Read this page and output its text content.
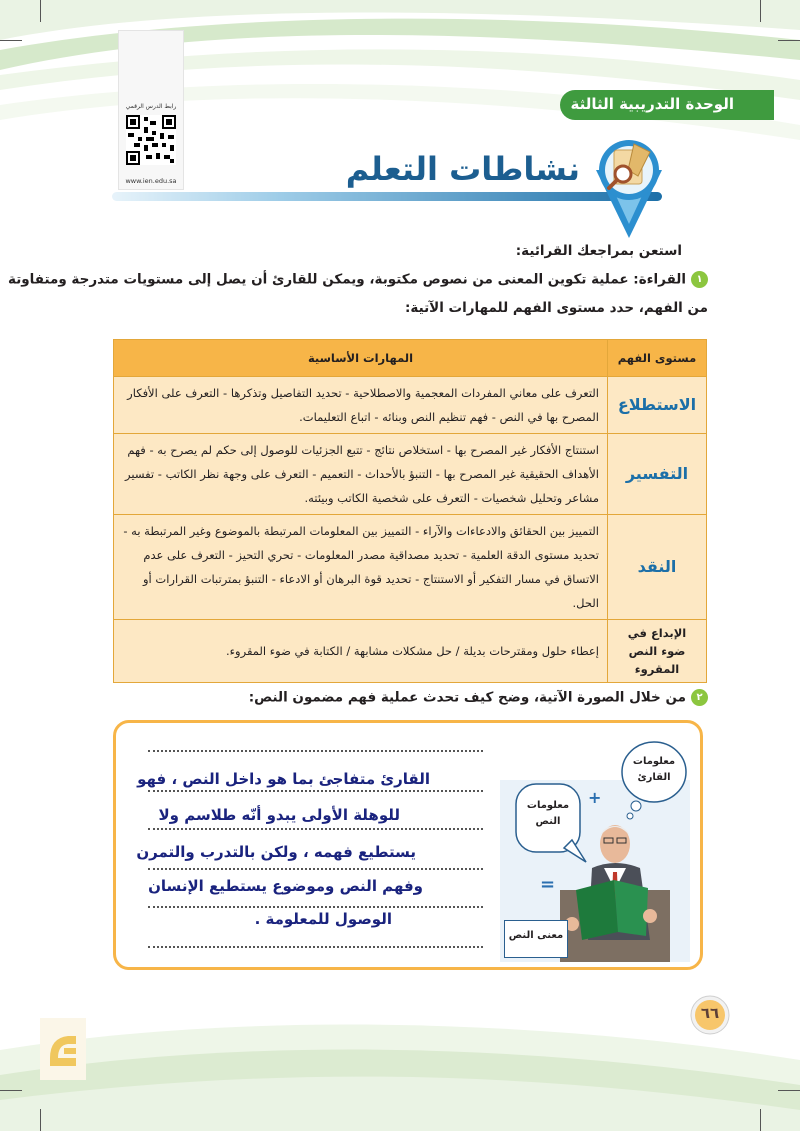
رابط الدرس الرقمي
www.ien.edu.sa
الوحدة التدريبية الثالثة
نشاطات التعلم
استعن بمراجعك القرائية:
١القراءة: عملية تكوين المعنى من نصوص مكتوبة، ويمكن للقارئ أن يصل إلى مستويات متدرجة ومتفاوتة
من الفهم، حدد مستوى الفهم للمهارات الآتية:
مستوى الفهم	المهارات الأساسية
الاستطلاع	التعرف على معاني المفردات المعجمية والاصطلاحية - تحديد التفاصيل وتذكرها - التعرف على الأفكار المصرح بها في النص - فهم تنظيم النص وبنائه - اتباع التعليمات.
التفسير	استنتاج الأفكار غير المصرح بها - استخلاص نتائج - تتبع الجزئيات للوصول إلى حكم لم يصرح به - فهم الأهداف الحقيقية غير المصرح بها - التنبؤ بالأحداث - التعميم - التعرف على وجهة نظر الكاتب - تفسير مشاعر وتحليل شخصيات - التعرف على شخصية الكاتب وبيئته.
النقد	التمييز بين الحقائق والادعاءات والآراء - التمييز بين المعلومات المرتبطة بالموضوع وغير المرتبطة به - تحديد مستوى الدقة العلمية - تحديد مصداقية مصدر المعلومات - تحري التحيز - التعرف على عدم الاتساق في مسار التفكير أو الاستنتاج - تحديد قوة البرهان أو الادعاء - التنبؤ بمترتبات القرارات أو الحل.
الإبداع في ضوء النص المقروء	إعطاء حلول ومقترحات بديلة / حل مشكلات مشابهة / الكتابة في ضوء المقروء.
٢من خلال الصورة الآتية، وضح كيف تحدث عملية فهم مضمون النص:
القارئ متفاجئ بما هو داخل النص ، فهو
للوهلة الأولى يبدو أنّه طلاسم ولا
يستطيع فهمه ، ولكن بالتدرب والتمرن
وفهم النص وموضوع يستطيع الإنسان
الوصول للمعلومة .
معلومات القارئ
معلومات النص
+
=
معنى النص
٦٦
